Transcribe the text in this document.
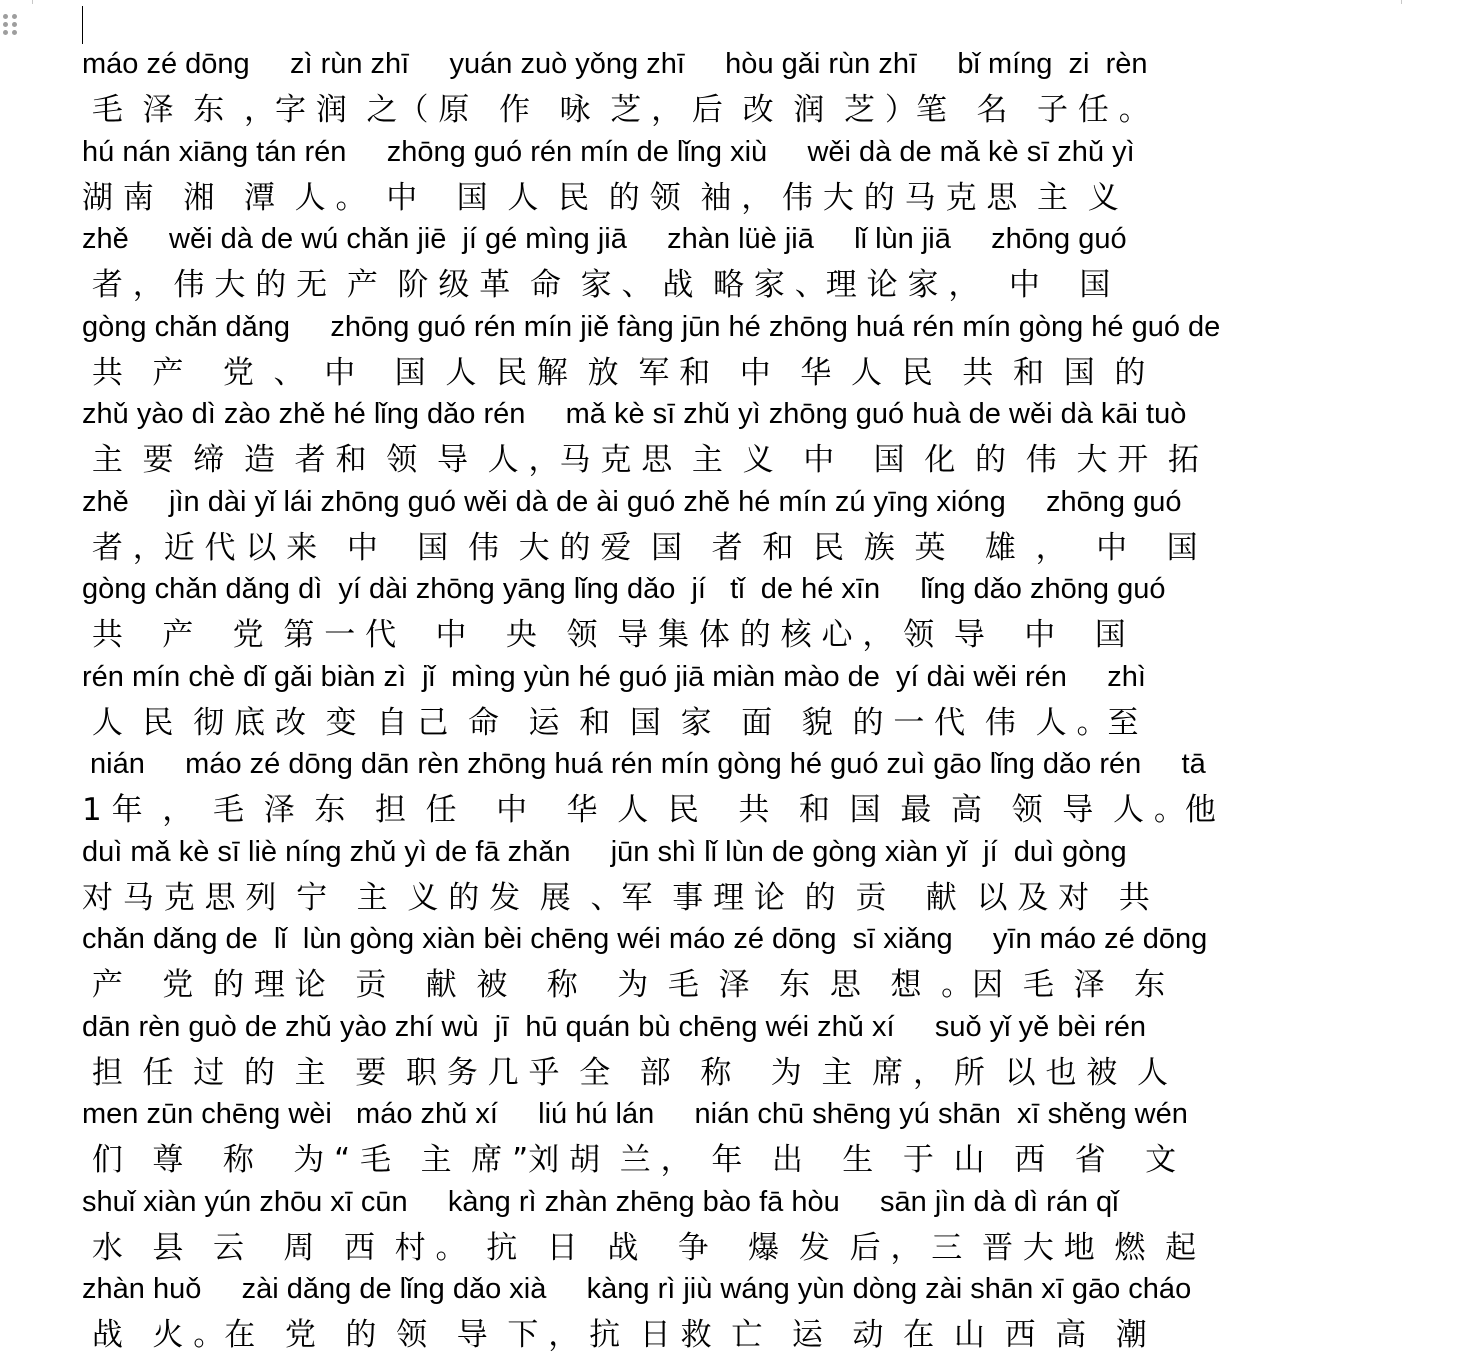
máo zé dōng     zì rùn zhī     yuán zuò yǒng zhī     hòu gǎi rùn zhī     bǐ míng  zi  rèn
毛  泽  东  ，字 润  之（ 原   作   咏  芝 ， 后  改  润  芝 ）笔   名   子 任 。
hú nán xiāng tán rén     zhōng guó rén mín de lǐng xiù     wěi dà de mǎ kè sī zhǔ yì
湖 南   湘   潭  人 。  中    国  人  民  的 领  袖 ， 伟 大 的 马 克 思  主  义
zhě     wěi dà de wú chǎn jiē  jí gé mìng jiā     zhàn lüè jiā     lǐ lùn jiā     zhōng guó
者 ， 伟 大 的 无  产  阶 级 革  命  家 、 战  略 家 、理 论 家 ，   中    国
gòng chǎn dǎng     zhōng guó rén mín jiě fàng jūn hé zhōng huá rén mín gòng hé guó de
共   产    党  、  中    国  人  民 解  放  军 和   中   华  人  民   共  和  国  的
zhǔ yào dì zào zhě hé lǐng dǎo rén     mǎ kè sī zhǔ yì zhōng guó huà de wěi dà kāi tuò
主  要  缔  造  者 和  领  导  人 ，马 克 思  主  义   中    国  化  的  伟  大 开  拓
zhě     jìn dài yǐ lái zhōng guó wěi dà de ài guó zhě hé mín zú yīng xióng     zhōng guó
者 ，近 代 以 来   中    国  伟  大 的 爱  国   者  和  民  族  英    雄  ，   中    国
gòng chǎn dǎng dì  yí dài zhōng yāng lǐng dǎo  jí   tǐ  de hé xīn     lǐng dǎo zhōng guó
共    产    党  第 一 代    中    央   领  导 集 体 的 核 心 ， 领  导    中    国
rén mín chè dǐ gǎi biàn zì  jǐ  mìng yùn hé guó jiā miàn mào de  yí dài wěi rén     zhì
人  民  彻 底 改  变  自 己  命   运  和  国  家   面   貌  的 一 代  伟  人 。至
nián     máo zé dōng dān rèn zhōng huá rén mín gòng hé guó zuì gāo lǐng dǎo rén     tā
1 年  ，  毛  泽  东   担  任    中    华  人  民    共   和  国  最  高   领  导  人 。他
duì mǎ kè sī liè níng zhǔ yì de fā zhǎn     jūn shì lǐ lùn de gòng xiàn yǐ  jí  duì gòng
对 马 克 思 列  宁   主  义 的 发  展  、军  事 理 论  的  贡    献  以 及 对   共
chǎn dǎng de  lǐ  lùn gòng xiàn bèi chēng wéi máo zé dōng  sī xiǎng     yīn máo zé dōng
产    党  的 理 论   贡    献  被    称    为  毛  泽   东  思   想  。因  毛  泽   东
dān rèn guò de zhǔ yào zhí wù  jī  hū quán bù chēng wéi zhǔ xí     suǒ yǐ yě bèi rén
担  任  过  的  主   要  职 务 几 乎  全   部   称    为  主  席 ， 所  以 也 被  人
men zūn chēng wèi   máo zhǔ xí     liú hú lán     nián chū shēng yú shān  xī shěng wén
们   尊    称    为 “ 毛   主  席 ”刘 胡  兰 ，  年   出    生   于  山   西   省    文
shuǐ xiàn yún zhōu xī cūn     kàng rì zhàn zhēng bào fā hòu     sān jìn dà dì rán qǐ
水   县   云    周   西  村 。  抗   日   战    争    爆  发  后 ， 三  晋 大 地  燃  起
zhàn huǒ     zài dǎng de lǐng dǎo xià     kàng rì jiù wáng yùn dòng zài shān xī gāo cháo
战   火 。在   党   的  领   导  下 ， 抗  日 救  亡   运   动  在  山  西  高   潮
